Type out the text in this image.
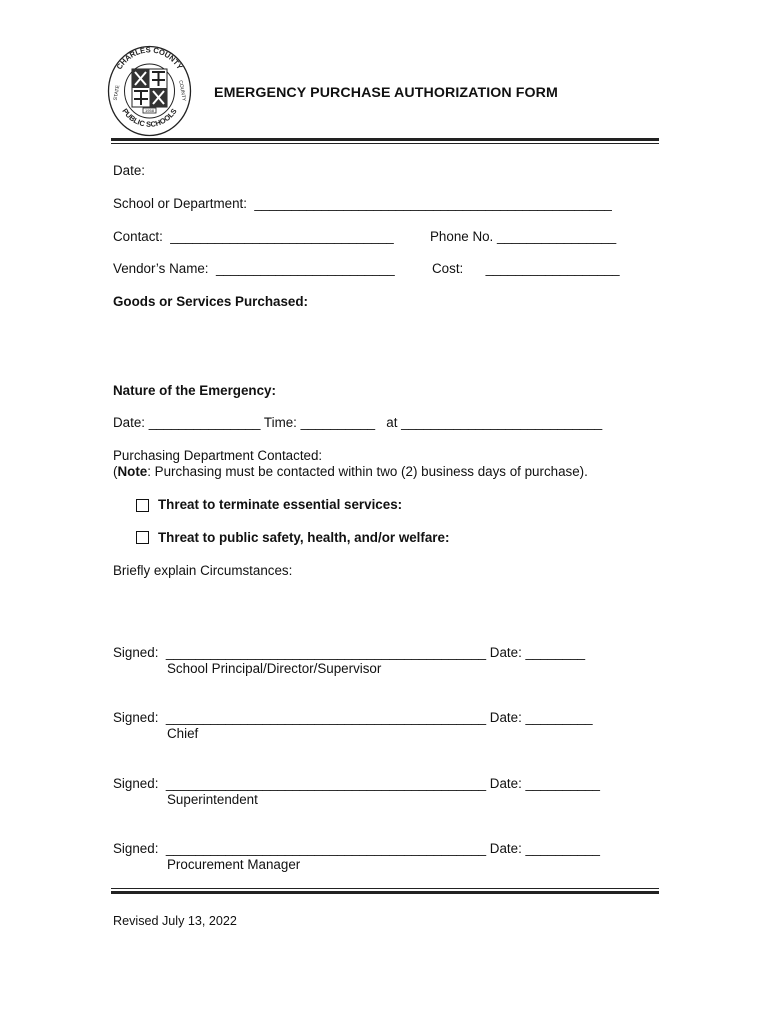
CHARLES COUNTY
PUBLIC SCHOOLS
STATE	COUNTY
1958
EMERGENCY PURCHASE AUTHORIZATION FORM
Date:
School or Department:  ________________________________________________
Contact:  ______________________________	Phone No. ________________
Vendor’s Name:  ________________________	Cost:      __________________
Goods or Services Purchased:
Nature of the Emergency:
Date: _______________ Time: __________   at ___________________________
Purchasing Department Contacted:
(Note: Purchasing must be contacted within two (2) business days of purchase).
Threat to terminate essential services:
Threat to public safety, health, and/or welfare:
Briefly explain Circumstances:
Signed:  ___________________________________________ Date: ________
School Principal/Director/Supervisor
Signed:  ___________________________________________ Date: _________
Chief
Signed:  ___________________________________________ Date: __________
Superintendent
Signed:  ___________________________________________ Date: __________
Procurement Manager
Revised July 13, 2022
